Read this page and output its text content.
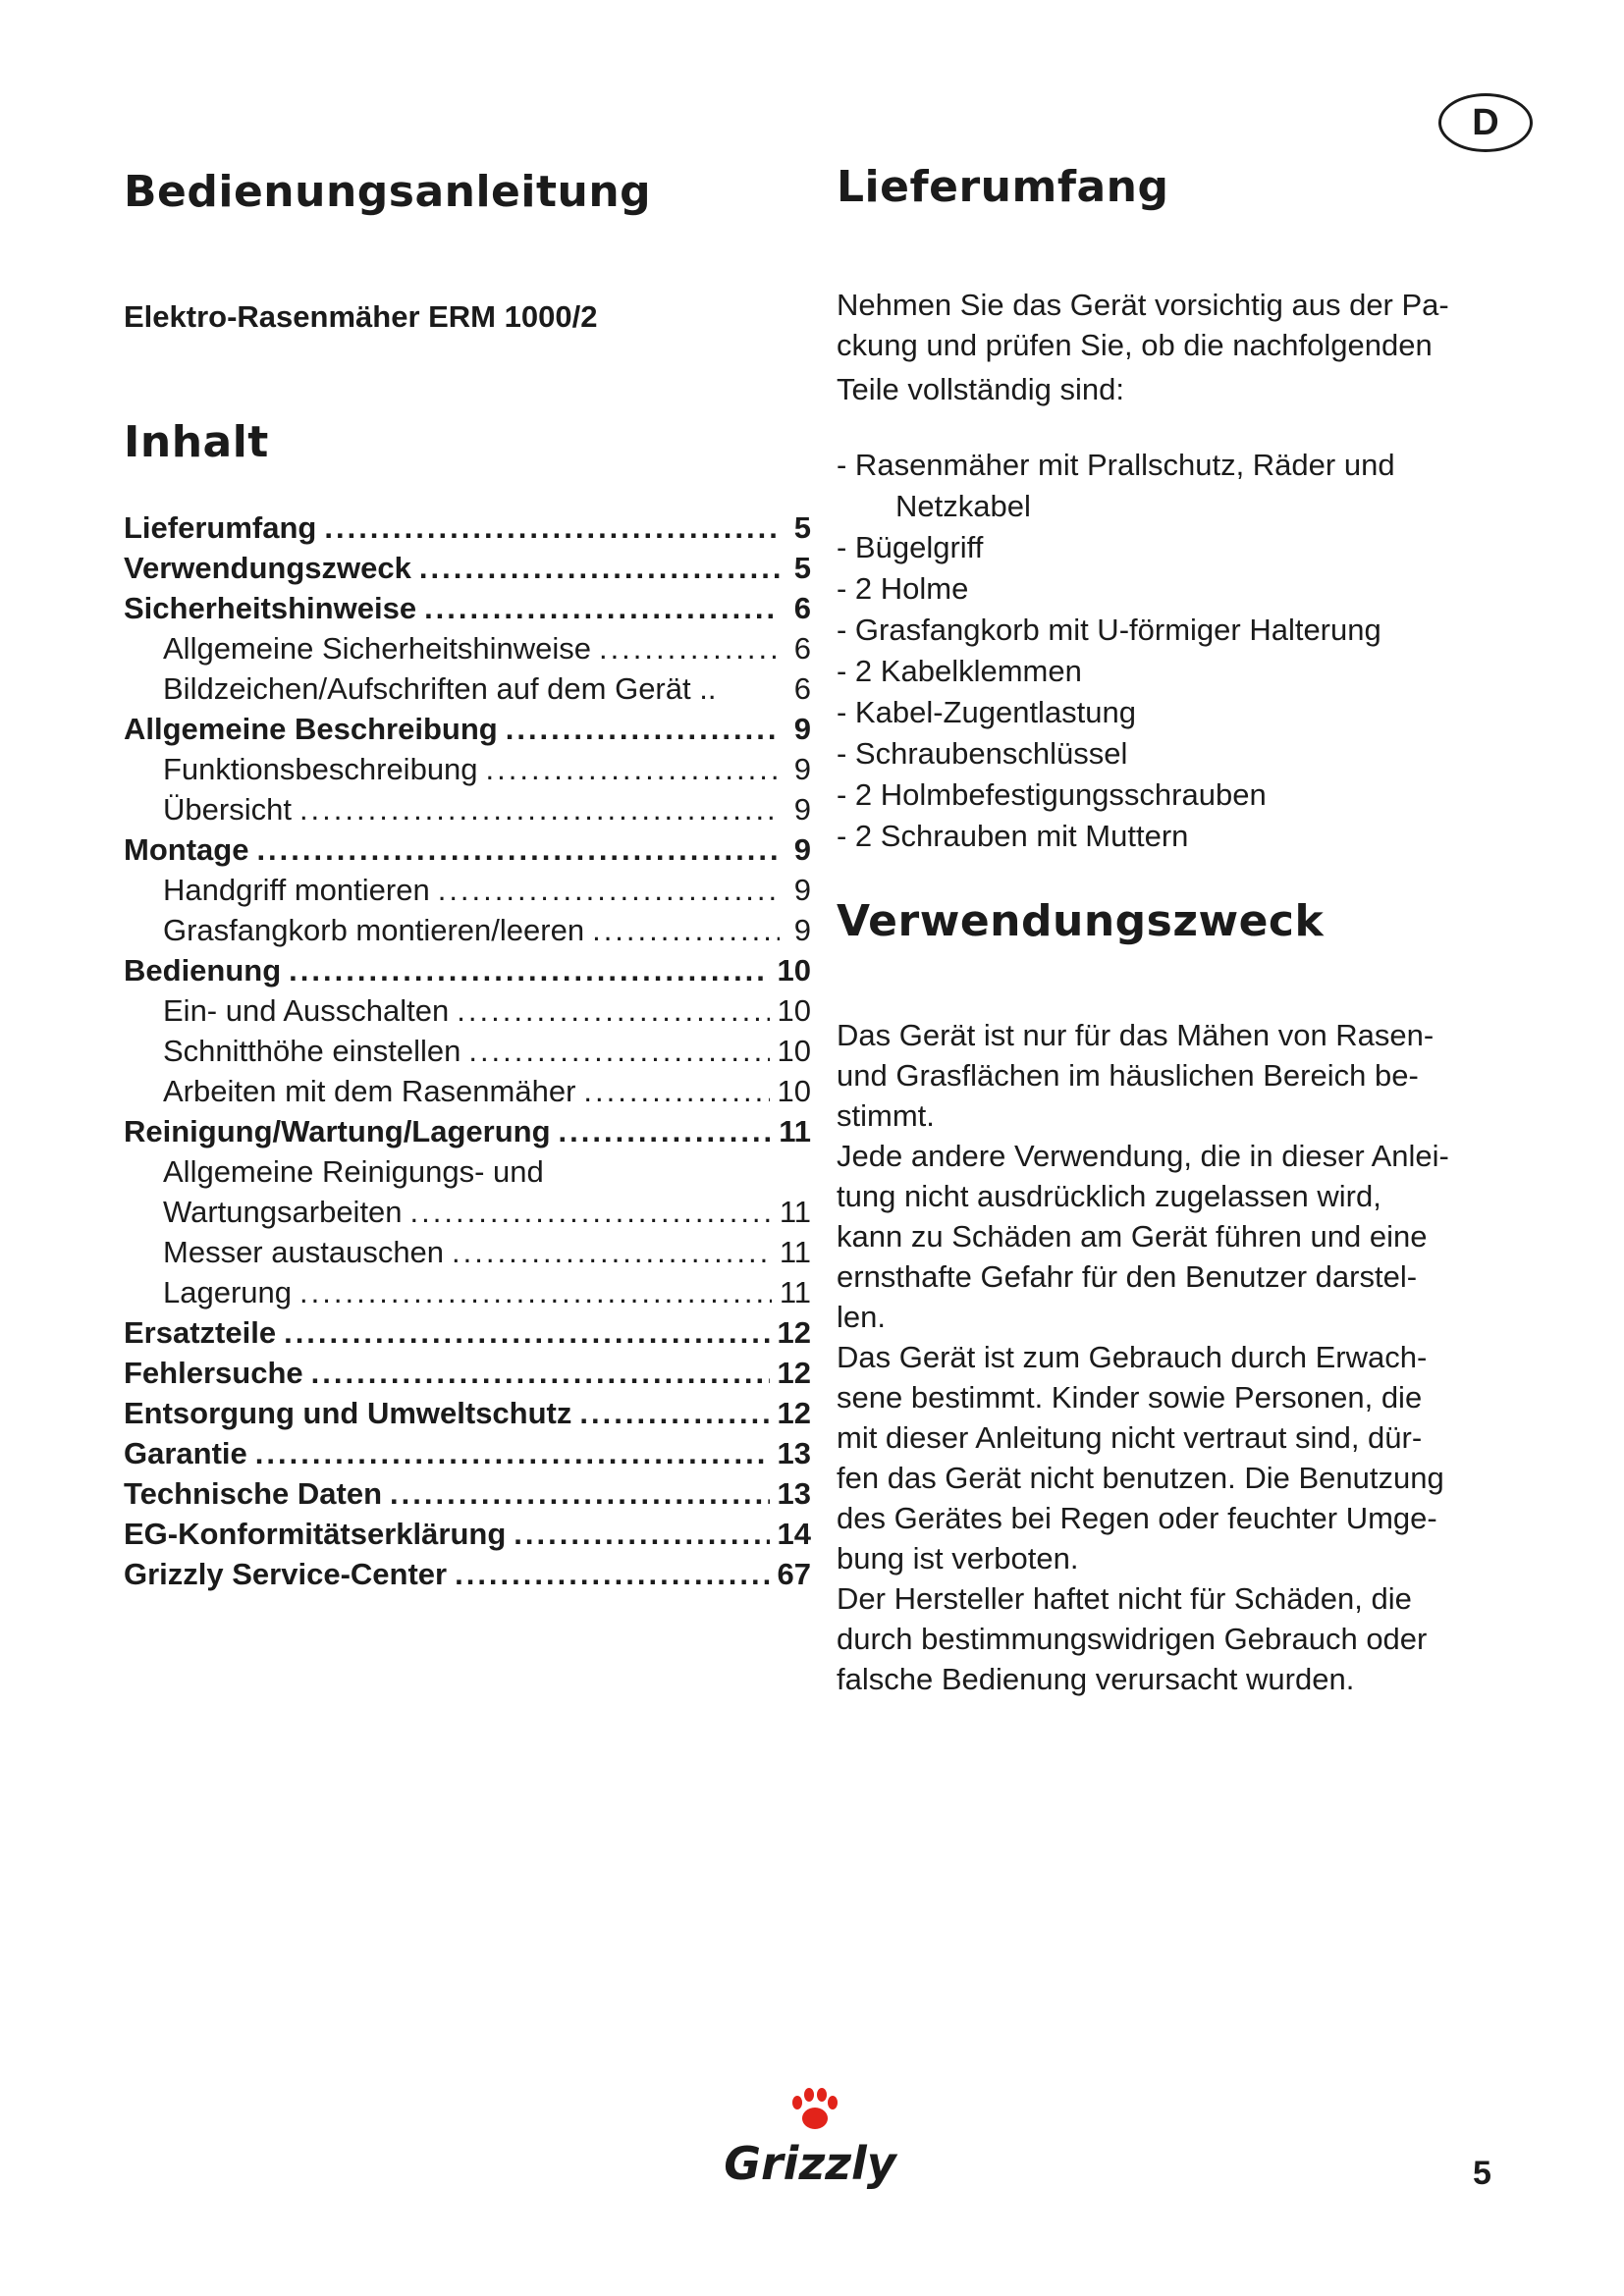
D
Bedienungsanleitung
Elektro-Rasenmäher ERM 1000/2
Inhalt
Lieferumfang .....	5
Verwendungszweck .....	5
Sicherheitshinweise .....	6
Allgemeine Sicherheitshinweise .....	6
Bildzeichen/Aufschriften auf dem Gerät ..	6
Allgemeine Beschreibung .....	9
Funktionsbeschreibung .....	9
Übersicht .....	9
Montage .....	9
Handgriff montieren .....	9
Grasfangkorb montieren/leeren .....	9
Bedienung .....	10
Ein- und Ausschalten .....	10
Schnitthöhe einstellen .....	10
Arbeiten mit dem Rasenmäher .....	10
Reinigung/Wartung/Lagerung .....	11
Allgemeine Reinigungs- und
Wartungsarbeiten .....	11
Messer austauschen .....	11
Lagerung .....	11
Ersatzteile .....	12
Fehlersuche .....	12
Entsorgung und Umweltschutz .....	12
Garantie .....	13
Technische Daten .....	13
EG-Konformitätserklärung .....	14
Grizzly Service-Center .....	67
Lieferumfang

Nehmen Sie das Gerät vorsichtig aus der Pa-

ckung und prüfen Sie, ob die nachfolgenden

Teile vollständig sind:

- Rasenmäher mit Prallschutz, Räder und
Netzkabel
- Bügelgriff
- 2 Holme
- Grasfangkorb mit U-förmiger Halterung
- 2 Kabelklemmen
- Kabel-Zugentlastung
- Schraubenschlüssel
- 2 Holmbefestigungsschrauben
- 2 Schrauben mit Muttern
Verwendungszweck

Das Gerät ist nur für das Mähen von Rasen-

und Grasflächen im häuslichen Bereich be-

stimmt.

Jede andere Verwendung, die in dieser Anlei-

tung nicht ausdrücklich zugelassen wird,

kann zu Schäden am Gerät führen und eine

ernsthafte Gefahr für den Benutzer darstel-

len.

Das Gerät ist zum Gebrauch durch Erwach-

sene bestimmt. Kinder sowie Personen, die

mit dieser Anleitung nicht vertraut sind, dür-

fen das Gerät nicht benutzen. Die Benutzung

des Gerätes bei Regen oder feuchter Umge-

bung ist verboten.

Der Hersteller haftet nicht für Schäden, die

durch bestimmungswidrigen Gebrauch oder

falsche Bedienung verursacht wurden.

Grizzly	5
